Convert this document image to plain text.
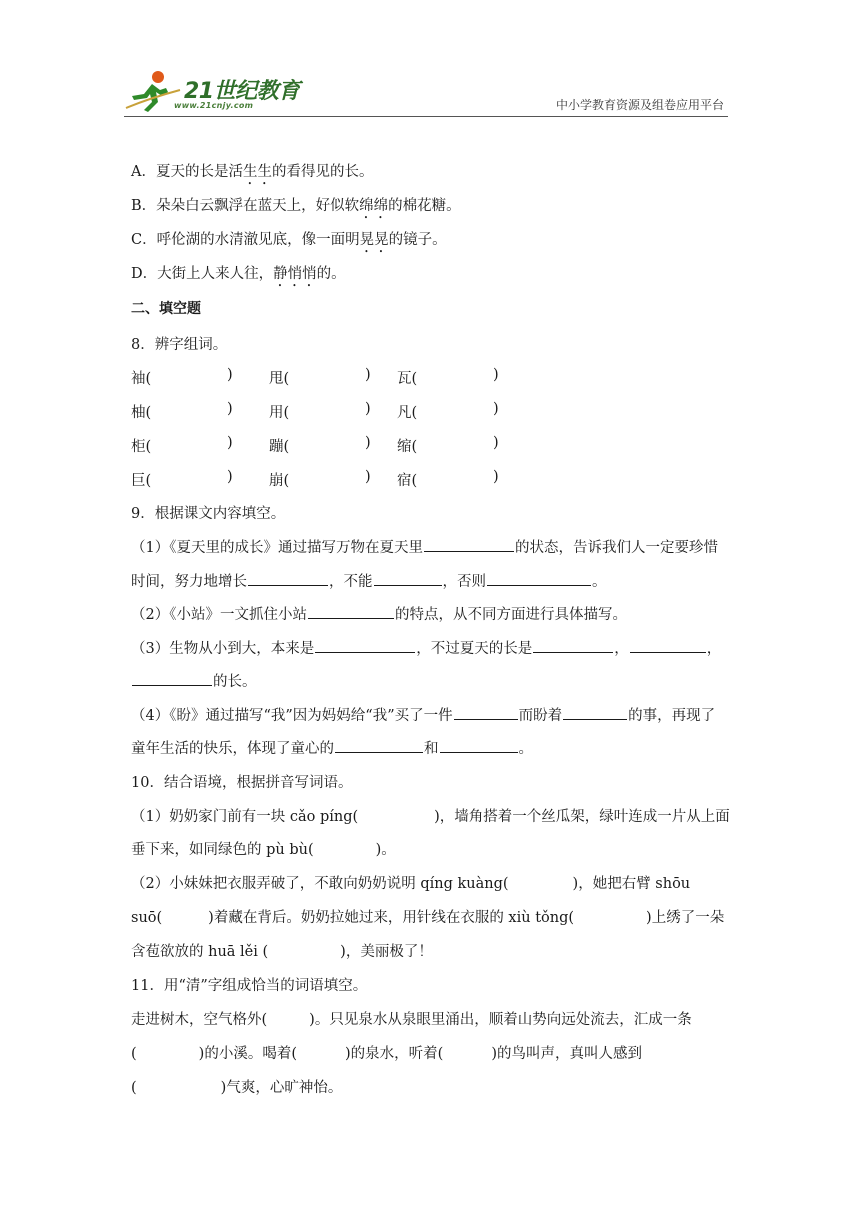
21世纪教育
www.21cnjy.com	中小学教育资源及组卷应用平台
A．夏天的长是活生生的看得见的长。
B．朵朵白云飘浮在蓝天上，好似软绵绵的棉花糖。
C．呼伦湖的水清澈见底，像一面明晃晃的镜子。
D．大街上人来人往，静悄悄的。
二、填空题
8．辨字组词。
袖(	)	甩(	) 瓦(	)
柚(	)	用(	) 凡(	)
柜(	)	蹦(	) 缩(	)
巨(	)	崩(	) 宿(	)
9．根据课文内容填空。
（1）《夏天里的成长》通过描写万物在夏天里	的状态，告诉我们人一定要珍惜
时间，努力地增长	，不能	，否则	。
（2）《小站》一文抓住小站	的特点，从不同方面进行具体描写。
（3）生物从小到大，本来是	，不过夏天的长是	，	，
的长。
（4）《盼》通过描写“我”因为妈妈给“我”买了一件	而盼着	的事，再现了
童年生活的快乐，体现了童心的	和	。
10．结合语境，根据拼音写词语。
（1）奶奶家门前有一块 cǎo píng(	)，墙角搭着一个丝瓜架，绿叶连成一片从上面
垂下来，如同绿色的 pù bù(	)。
（2）小妹妹把衣服弄破了，不敢向奶奶说明 qíng kuàng(	)，她把右臂 shōu
suō(	)着藏在背后。奶奶拉她过来，用针线在衣服的 xiù tǒng(	)上绣了一朵
含苞欲放的 huā lěi (	)，美丽极了！
11．用“清”字组成恰当的词语填空。
走进树木，空气格外(	)。只见泉水从泉眼里涌出，顺着山势向远处流去，汇成一条
(	)的小溪。喝着(	)的泉水，听着(	)的鸟叫声，真叫人感到
(	)气爽，心旷神怡。
